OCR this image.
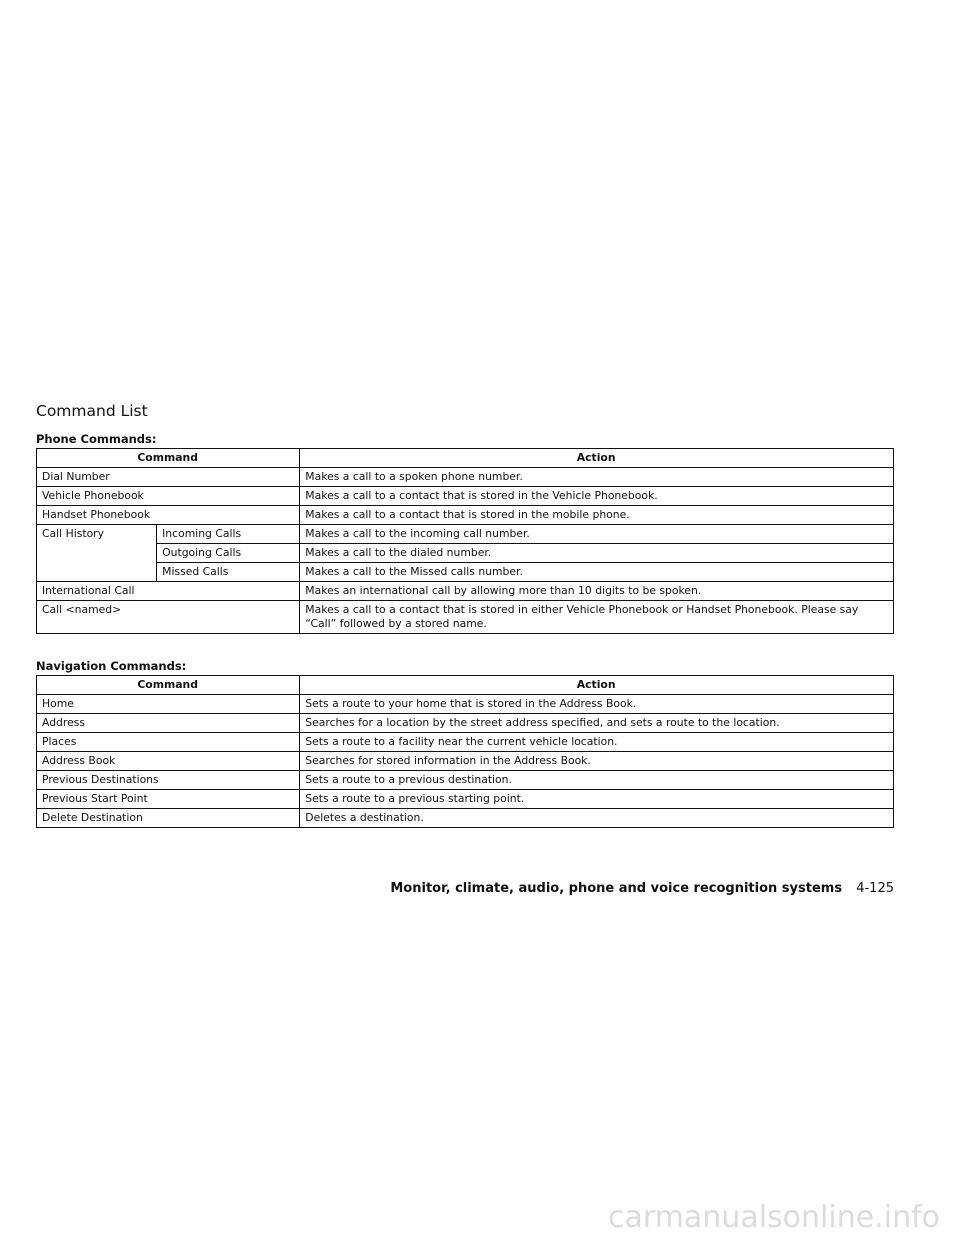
Command List
Phone Commands:
Command		Action
Dial Number		Makes a call to a spoken phone number.
Vehicle Phonebook		Makes a call to a contact that is stored in the Vehicle Phonebook.
Handset Phonebook		Makes a call to a contact that is stored in the mobile phone.
Call History	Incoming Calls	Makes a call to the incoming call number.
	Outgoing Calls	Makes a call to the dialed number.
	Missed Calls	Makes a call to the Missed calls number.
International Call		Makes an international call by allowing more than 10 digits to be spoken.
Call <named>		Makes a call to a contact that is stored in either Vehicle Phonebook or Handset Phonebook. Please say “Call” followed by a stored name.
Navigation Commands:
Command	Action
Home	Sets a route to your home that is stored in the Address Book.
Address	Searches for a location by the street address specified, and sets a route to the location.
Places	Sets a route to a facility near the current vehicle location.
Address Book	Searches for stored information in the Address Book.
Previous Destinations	Sets a route to a previous destination.
Previous Start Point	Sets a route to a previous starting point.
Delete Destination	Deletes a destination.
Monitor, climate, audio, phone and voice recognition systems 4-125
carmanualsonline.info
